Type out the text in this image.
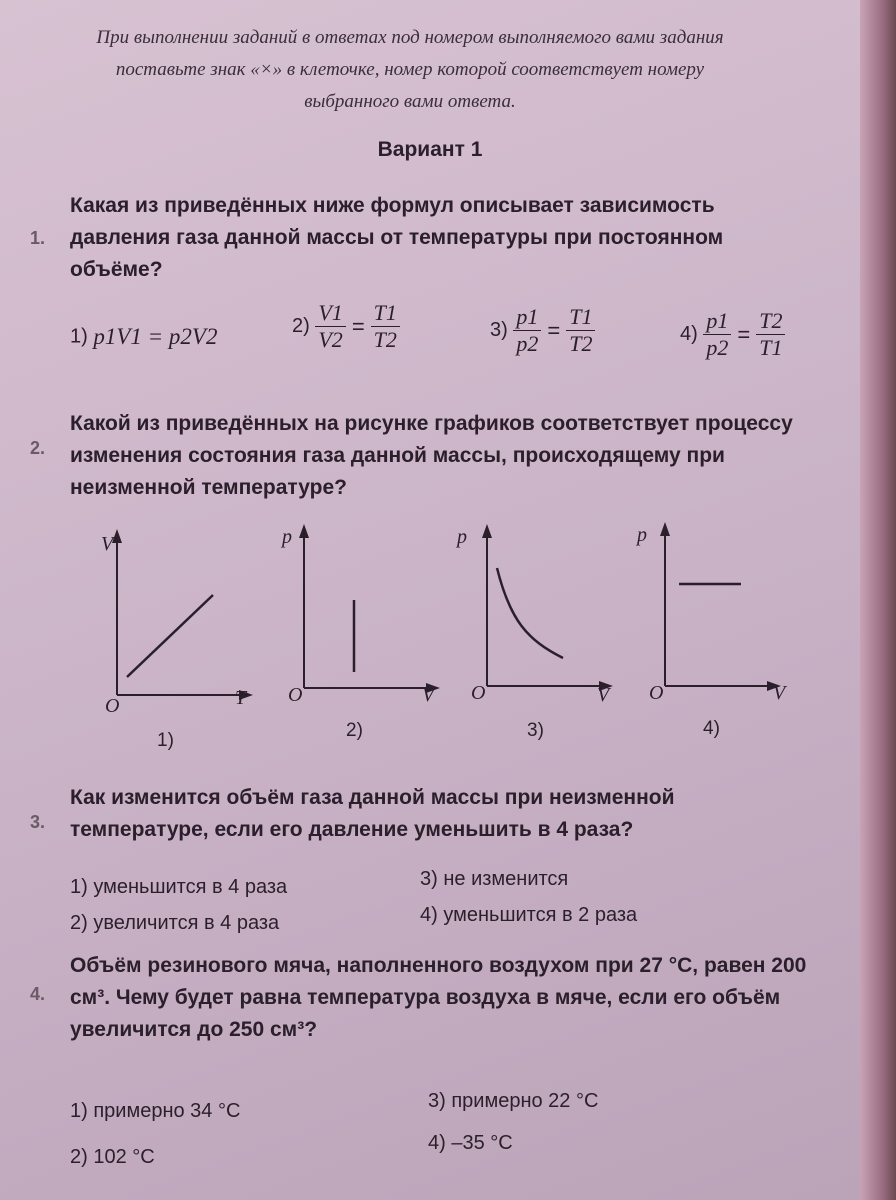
При выполнении заданий в ответах под номером выполняемого вами задания поставьте знак «×» в клеточке, номер которой соответствует номеру выбранного вами ответа.
Вариант 1
1.
Какая из приведённых ниже формул описывает зависимость давления газа данной массы от температуры при постоянном объёме?
1) p1V1 = p2V2	$2) \frac{V1}{V2} = \frac{T1}{T2}$	$3) \frac{p1}{p2} = \frac{T1}{T2}$	$4) \frac{p1}{p2} = \frac{T2}{T1}$
2.
Какой из приведённых на рисунке графиков соответствует процессу изменения состояния газа данной массы, происходящему при неизменной температуре?
V
T
O
1)
p
V
O
2)
p
V
O
3)
p
V
O
4)
3.
Как изменится объём газа данной массы при неизменной температуре, если его давление уменьшить в 4 раза?
1) уменьшится в 4 раза
2) увеличится в 4 раза
3) не изменится
4) уменьшится в 2 раза
4.
Объём резинового мяча, наполненного воздухом при 27 °С, равен 200 см³. Чему будет равна температура воздуха в мяче, если его объём увеличится до 250 см³?
1) примерно 34 °С
2) 102 °С
3) примерно 22 °С
4) –35 °С
